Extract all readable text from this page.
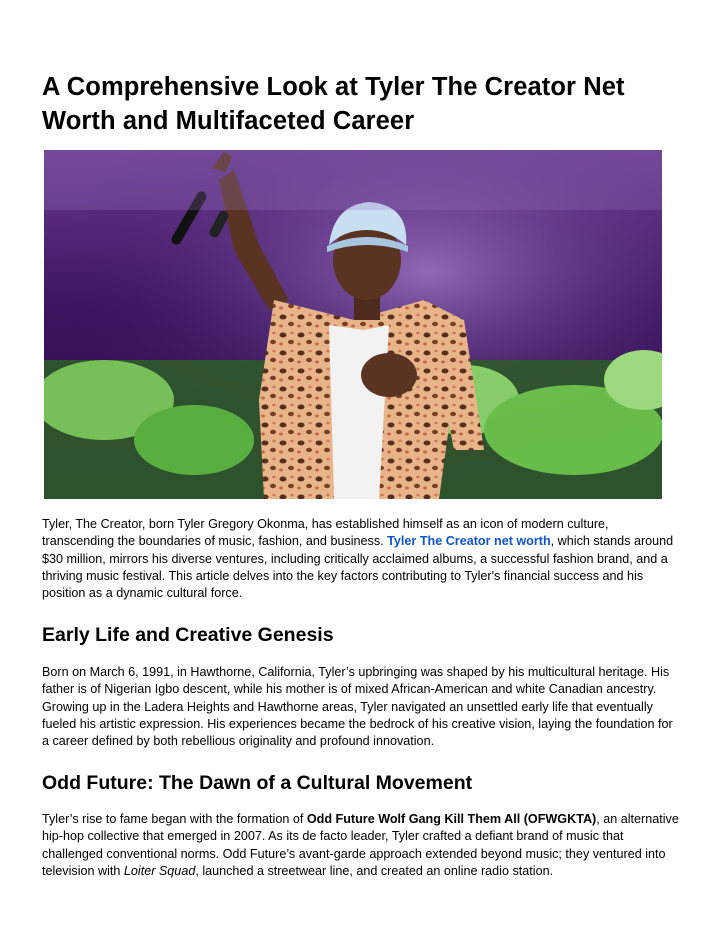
A Comprehensive Look at Tyler The Creator Net
Worth and Multifaceted Career

Tyler, The Creator, born Tyler Gregory Okonma, has established himself as an icon of modern culture, transcending the boundaries of music, fashion, and business. Tyler The Creator net worth, which stands around $30 million, mirrors his diverse ventures, including critically acclaimed albums, a successful fashion brand, and a thriving music festival. This article delves into the key factors contributing to Tyler's financial success and his position as a dynamic cultural force.

Early Life and Creative Genesis

Born on March 6, 1991, in Hawthorne, California, Tyler’s upbringing was shaped by his multicultural heritage. His father is of Nigerian Igbo descent, while his mother is of mixed African-American and white Canadian ancestry. Growing up in the Ladera Heights and Hawthorne areas, Tyler navigated an unsettled early life that eventually fueled his artistic expression. His experiences became the bedrock of his creative vision, laying the foundation for a career defined by both rebellious originality and profound innovation.

Odd Future: The Dawn of a Cultural Movement

Tyler’s rise to fame began with the formation of Odd Future Wolf Gang Kill Them All (OFWGKTA), an alternative hip-hop collective that emerged in 2007. As its de facto leader, Tyler crafted a defiant brand of music that challenged conventional norms. Odd Future’s avant-garde approach extended beyond music; they ventured into television with Loiter Squad, launched a streetwear line, and created an online radio station.
